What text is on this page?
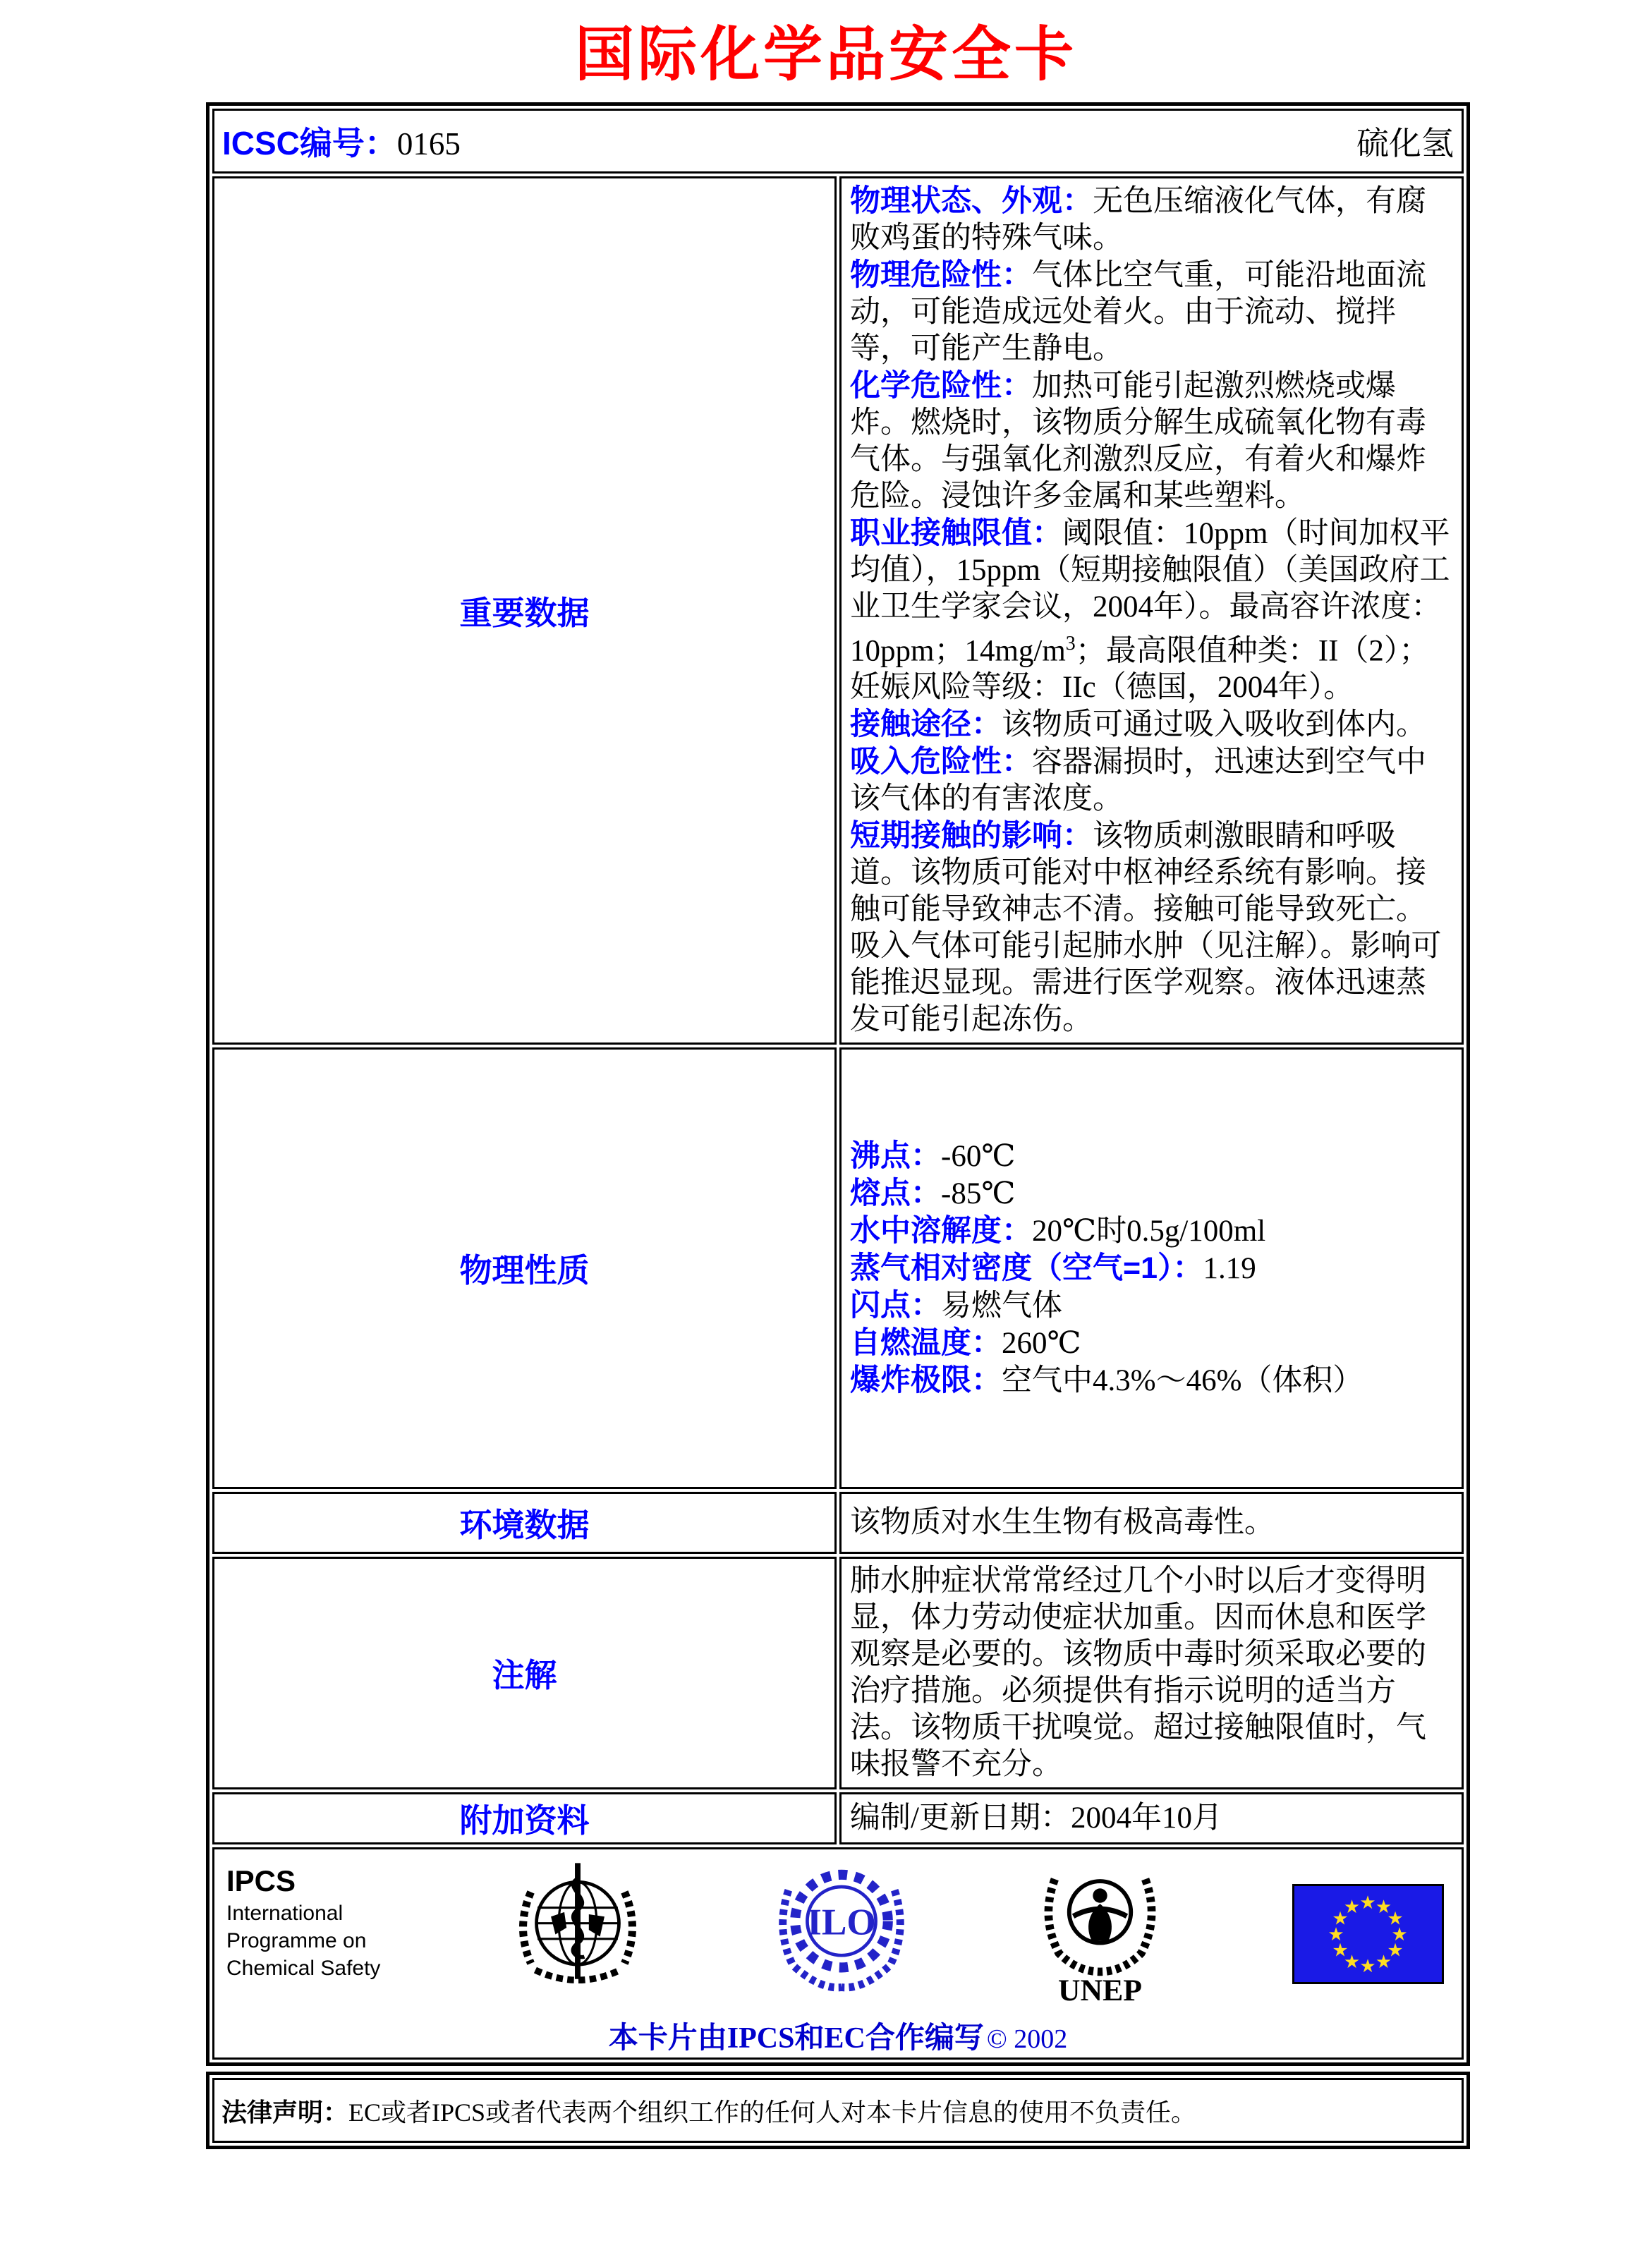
国际化学品安全卡
ICSC编号：0165 硫化氢	

重要数据	
物理状态、外观：无色压缩液化气体，有腐败鸡蛋的特殊气味。
物理危险性：气体比空气重，可能沿地面流动，可能造成远处着火。由于流动、搅拌等，可能产生静电。
化学危险性：加热可能引起激烈燃烧或爆炸。燃烧时，该物质分解生成硫氧化物有毒气体。与强氧化剂激烈反应，有着火和爆炸危险。浸蚀许多金属和某些塑料。
职业接触限值：阈限值：10ppm（时间加权平均值），15ppm（短期接触限值）（美国政府工业卫生学家会议，2004年）。最高容许浓度：10ppm；$14mg/m^3$；最高限值种类：II（2）；妊娠风险等级：IIc（德国，2004年）。
接触途径：该物质可通过吸入吸收到体内。
吸入危险性：容器漏损时，迅速达到空气中该气体的有害浓度。
短期接触的影响：该物质刺激眼睛和呼吸道。该物质可能对中枢神经系统有影响。接触可能导致神志不清。接触可能导致死亡。吸入气体可能引起肺水肿（见注解）。影响可能推迟显现。需进行医学观察。液体迅速蒸发可能引起冻伤。

物理性质	
沸点：-60℃
熔点：-85℃
水中溶解度：20℃时0.5g/100ml
蒸气相对密度（空气=1）：1.19
闪点：易燃气体
自燃温度：260℃
爆炸极限：空气中4.3%～46%（体积）

环境数据	该物质对水生生物有极高毒性。
注解	肺水肿症状常常经过几个小时以后才变得明显，体力劳动使症状加重。因而休息和医学观察是必要的。该物质中毒时须采取必要的治疗措施。必须提供有指示说明的适当方法。该物质干扰嗅觉。超过接触限值时，气味报警不充分。
附加资料	编制/更新日期：2004年10月

IPCS
International
Programme on
Chemical Safety
ILO
UNEP
★ ★
★
★
★
★
★
★
★
★
★
★
本卡片由IPCS和EC合作编写 © 2002
法律声明：EC或者IPCS或者代表两个组织工作的任何人对本卡片信息的使用不负责任。
